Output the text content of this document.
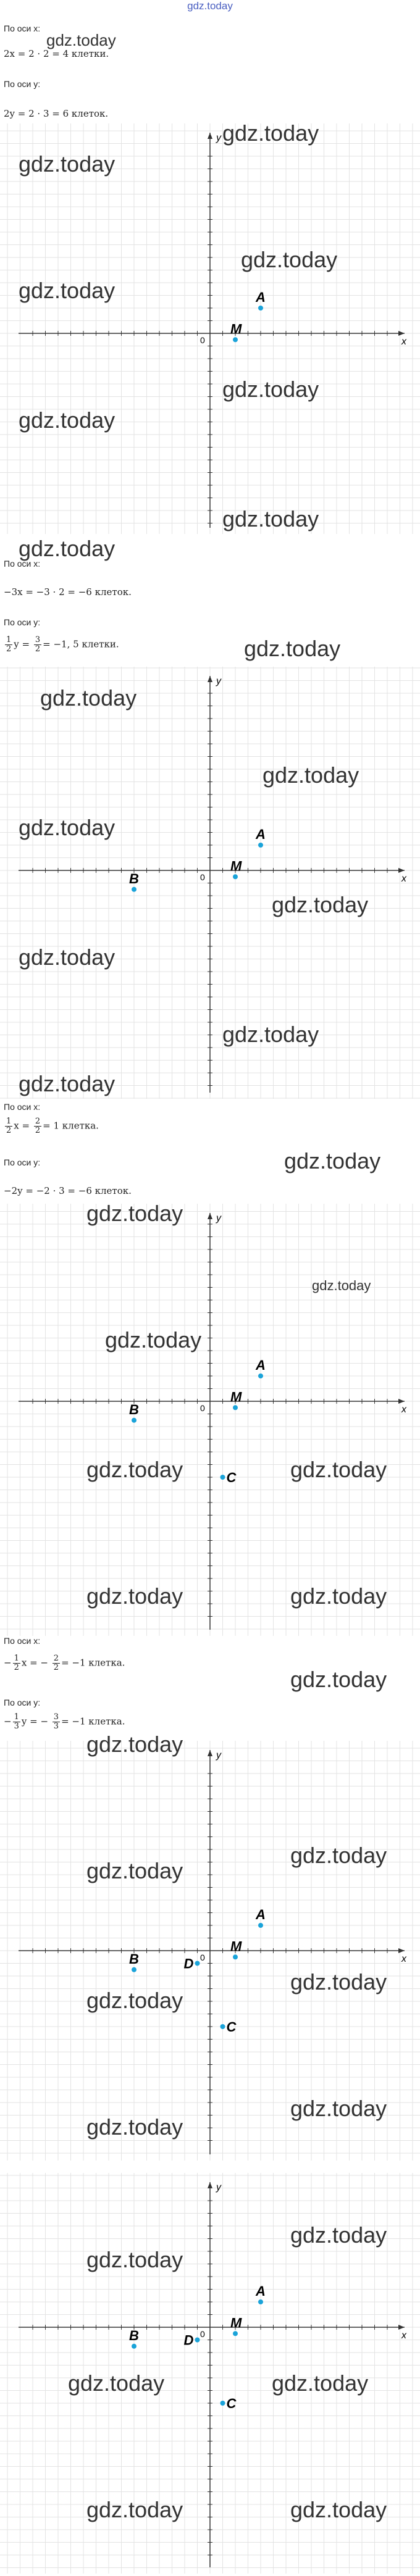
gdz.today
По оси x:
2x = 2 · 2 = 4 клетки.
По оси y:
2y = 2 · 3 = 6 клеток.
x
y
0
A
M
По оси x:
−3x = −3 · 2 = −6 клеток.
По оси y:
$\frac{1}{2}$ $y = \frac{3}{2} = -1$, 5 клетки.
x
y
0
A
M
B
По оси x:
$\frac{1}{2}$ $x = \frac{2}{2} = 1$ клетка.
По оси y:
−2y = −2 · 3 = −6 клеток.
x
y
0
A
M
B
C
По оси x:
− $\frac{1}{2}$ x = − $\frac{2}{2} = -1$ клетка.
По оси y:
− $\frac{1}{3}$ y = − $\frac{3}{3} = -1$ клетка.
x
y
0
A
M
B
C
D
x
y
0
A
M
B
C
D
gdz.today
gdz.today
gdz.today
gdz.today
gdz.today
gdz.today
gdz.today
gdz.today
gdz.today
gdz.today
gdz.today
gdz.today
gdz.today
gdz.today
gdz.today
gdz.today
gdz.today
gdz.today
gdz.today
gdz.today
gdz.today
gdz.today	gdz.today
gdz.today	gdz.today
gdz.today
gdz.today
gdz.today
gdz.today
gdz.today
gdz.today
gdz.today
gdz.today
gdz.today
gdz.today
gdz.today	gdz.today
gdz.today	gdz.today
